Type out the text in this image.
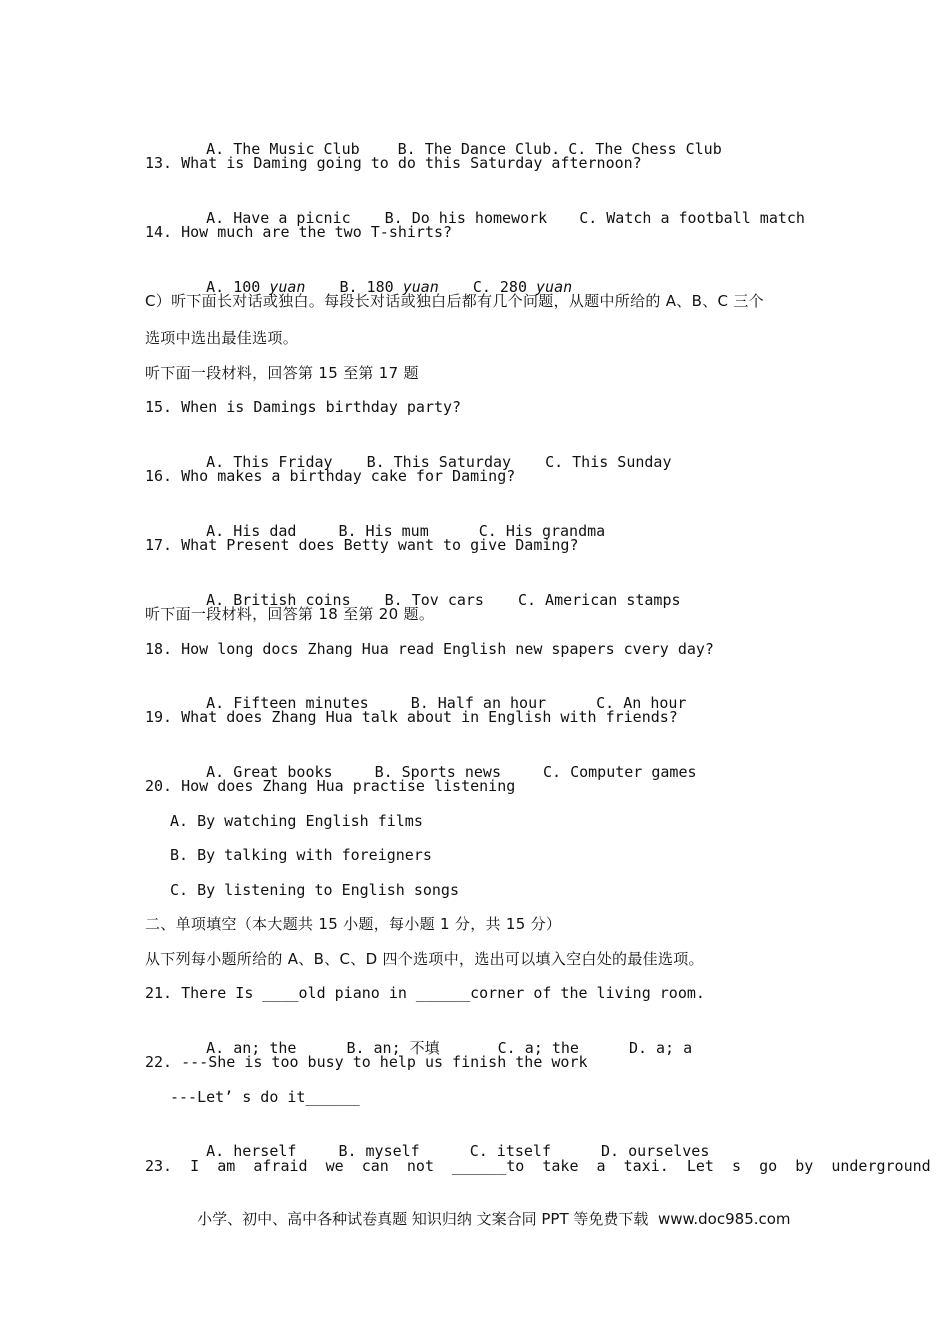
A. The Music Club	B. The Dance Club. C. The Chess Club

13. What is Daming going to do this Saturday afternoon?

A. Have a picnic B. Do his homework C. Watch a football match

14. How much are the two T-shirts?

A. 100 yuan B. 180 yuan C. 280 yuan

C）听下面长对话或独白。每段长对话或独白后都有几个问题，从题中所给的 A、B、C 三个
选项中选出最佳选项。
听下面一段材料，回答第 15 至第 17 题
15. When is Damings birthday party?

A. This Friday B. This Saturday C. This Sunday

16. Who makes a birthday cake for Daming?

A. His dad	B. His mum	C. His grandma

17. What Present does Betty want to give Daming?

A. British coins B. Tov cars C. American stamps

听下面一段材料，回答第 18 至第 20 题。
18. How long docs Zhang Hua read English new spapers cvery day?

A. Fifteen minutes	B. Half an hour	C. An hour

19. What does Zhang Hua talk about in English with friends?

A. Great books	B. Sports news	C. Computer games

20. How does Zhang Hua practise listening
A. By watching English films
B. By talking with foreigners
C. By listening to English songs
二、单项填空（本大题共 15 小题，每小题 1 分，共 15 分）
从下列每小题所给的 A、B、C、D 四个选项中，选出可以填入空白处的最佳选项。
21. There Is ____old piano in ______corner of the living room.

A. an; the	B. an; 不填	C. a; the	D. a; a

22. ---She is too busy to help us finish the work
---Let’ s do it______

A. herself	B. myself	C. itself	D. ourselves

23.  I  am  afraid  we  can  not  ______to  take  a  taxi.  Let  s  go  by  underground

小学、初中、高中各种试卷真题 知识归纳 文案合同 PPT 等免费下载 www.doc985.com
